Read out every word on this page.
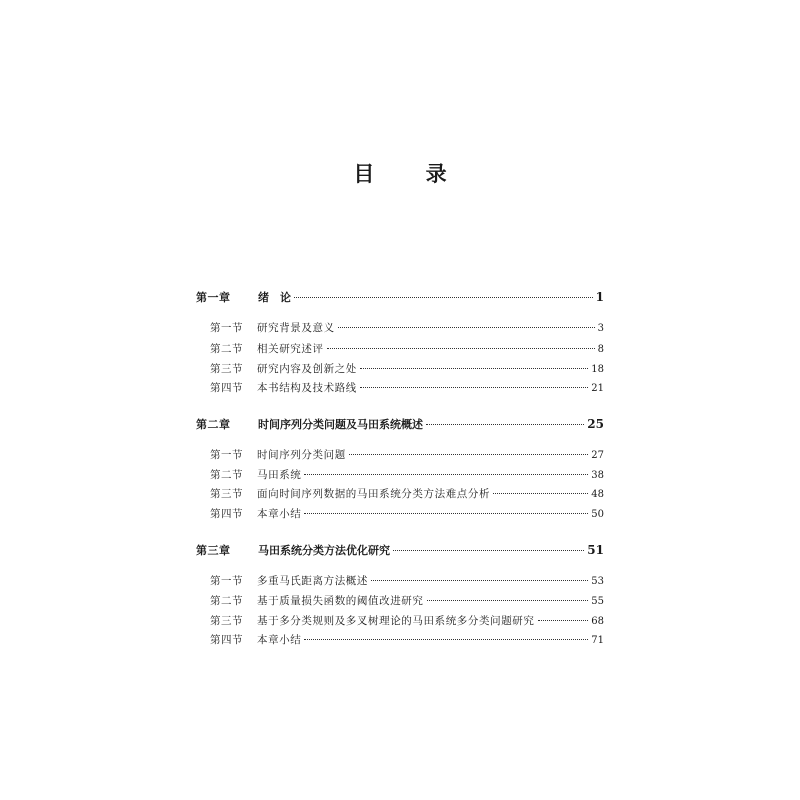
目 录
第一章	绪　论	1
第一节 研究背景及意义	3
第二节 相关研究述评	8
第三节 研究内容及创新之处	18
第四节 本书结构及技术路线	21
第二章	时间序列分类问题及马田系统概述	25
第一节 时间序列分类问题	27
第二节 马田系统	38
第三节 面向时间序列数据的马田系统分类方法难点分析	48
第四节 本章小结	50
第三章	马田系统分类方法优化研究	51
第一节 多重马氏距离方法概述	53
第二节 基于质量损失函数的阈值改进研究	55
第三节 基于多分类规则及多叉树理论的马田系统多分类问题研究	68
第四节 本章小结	71
